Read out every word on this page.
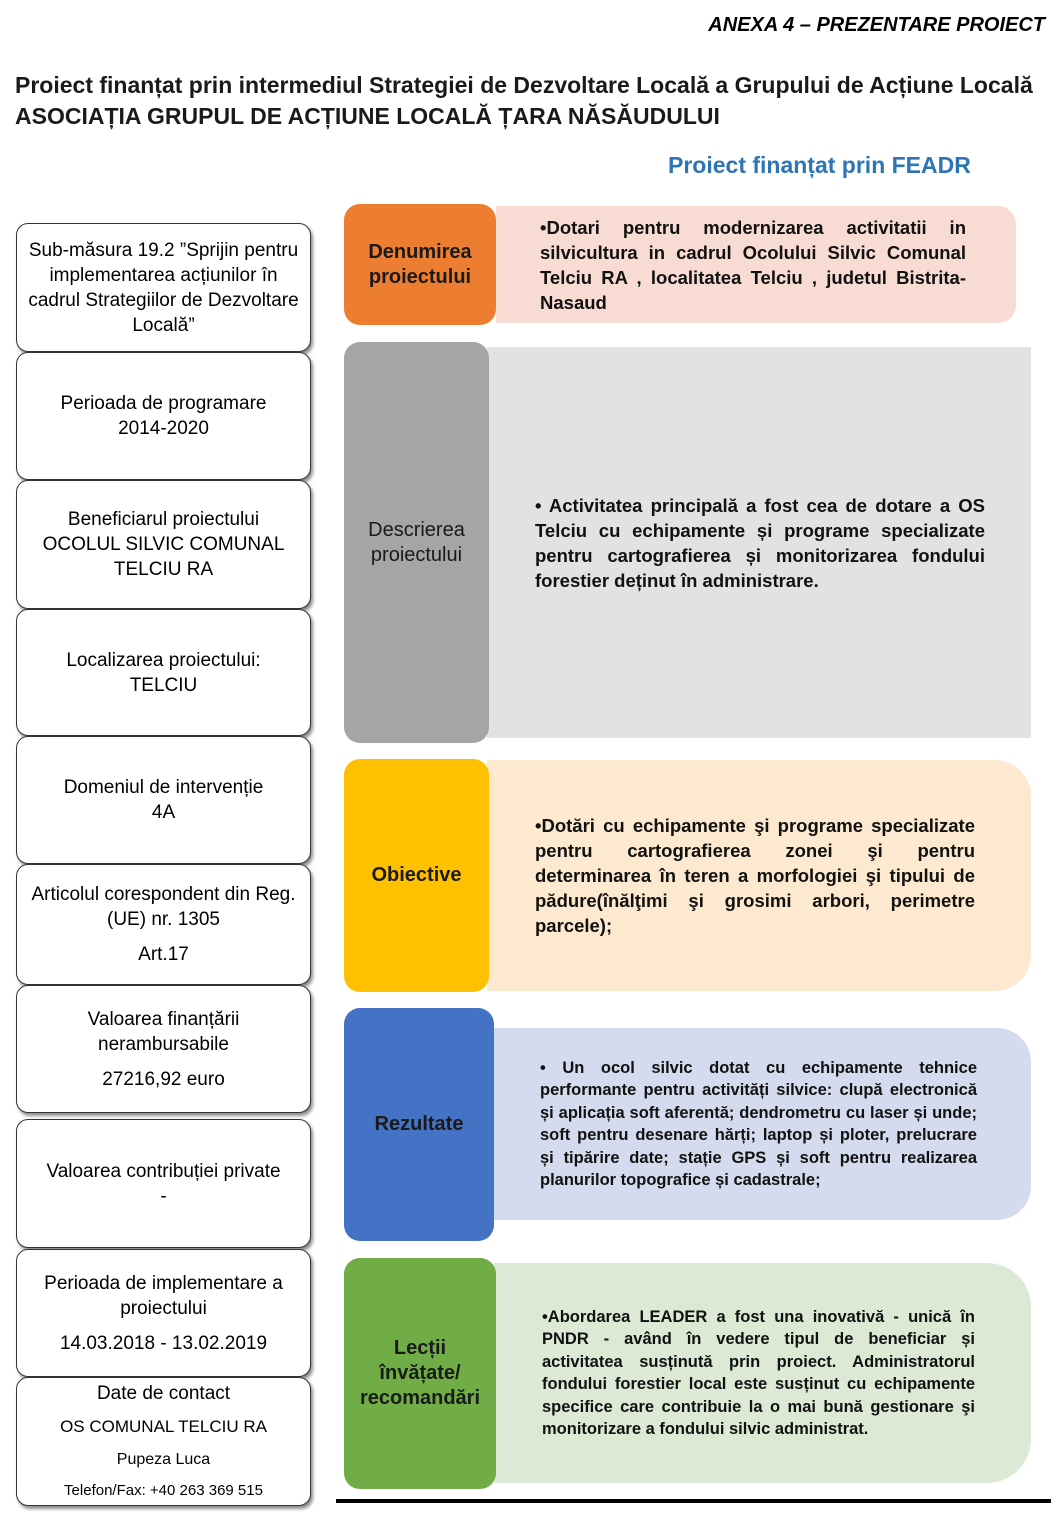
ANEXA 4 – PREZENTARE PROIECT
Proiect finanțat prin intermediul Strategiei de Dezvoltare Locală a Grupului de Acțiune Locală ASOCIAȚIA GRUPUL DE ACȚIUNE LOCALĂ ȚARA NĂSĂUDULUI
Proiect finanțat prin FEADR
Sub-măsura 19.2 ”Sprijin pentru implementarea acțiunilor în cadrul Strategiilor de Dezvoltare Locală”
Perioada de programare
2014-2020
Beneficiarul proiectului
OCOLUL SILVIC COMUNAL TELCIU RA
Localizarea proiectului:
TELCIU
Domeniul de intervenție
4A
Articolul corespondent din Reg. (UE) nr. 1305
Art.17
Valoarea finanțării nerambursabile
27216,92 euro
Valoarea contribuției private
-
Perioada de implementare a proiectului
14.03.2018 - 13.02.2019
Date de contact
OS COMUNAL TELCIU RA
Pupeza Luca
Telefon/Fax: +40 263 369 515

•Dotari pentru modernizarea activitatii in silvicultura in cadrul Ocolului Silvic Comunal Telciu RA , localitatea Telciu , judetul Bistrita-Nasaud

Denumirea proiectului

• Activitatea principală a fost cea de dotare a OS Telciu cu echipamente și programe specializate pentru cartografierea și monitorizarea fondului forestier deținut în administrare.

Descrierea proiectului

•Dotări cu echipamente şi programe specializate pentru cartografierea zonei şi pentru determinarea în teren a morfologiei şi tipului de pădure(înălţimi şi grosimi arbori, perimetre parcele);

Obiective

• Un ocol silvic dotat cu echipamente tehnice performante pentru activități silvice: clupă electronică și aplicația soft aferentă; dendrometru cu laser și unde; soft pentru desenare hărți; laptop și ploter, prelucrare și tipărire date; stație GPS și soft pentru realizarea planurilor topografice și cadastrale;

Rezultate

•Abordarea LEADER a fost una inovativă - unică în PNDR - având în vedere tipul de beneficiar și activitatea susținută prin proiect. Administratorul fondului forestier local este susținut cu echipamente specifice care contribuie la o mai bună gestionare şi monitorizare a fondului silvic administrat.

Lecții învățate/ recomandări
